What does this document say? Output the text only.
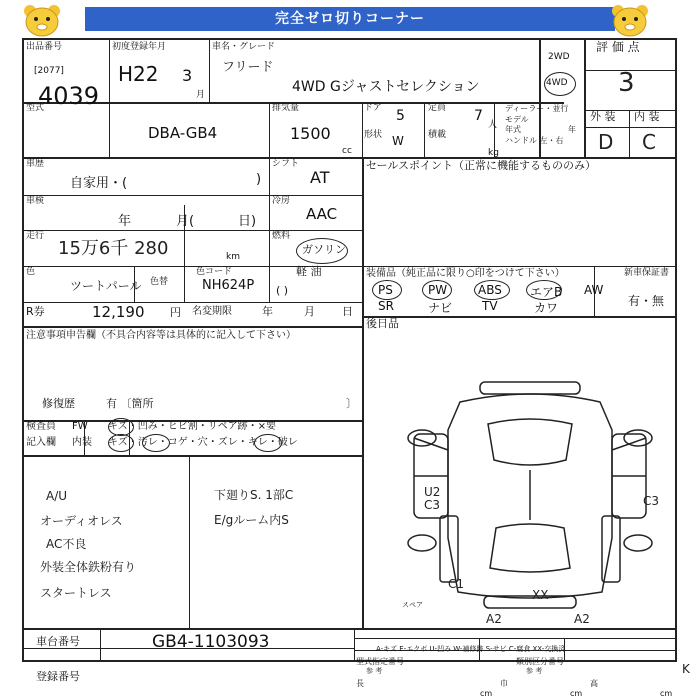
完全ゼロ切りコーナー
出品番号
[2077]
4039
初度登録年月
H22 3
月
車名・グレード
フリード
4WD Gジャストセレクション
2WD
4WD
評 価 点
3
外 装 内 装
D C
型式
DBA-GB4
排気量
1500
cc
ドア 5
形状 W
定員 7
人
積載
kg
ディーラー・並行
モデル
年式	年
ハンドル 左・右
車歴
自家用・(	)
シフト
AT
車検
年	月(	日)
冷房
AAC
走行
15万6千 280	km
燃料
ガソリン
軽 油
( )
色
ツートパール 色替
色コード
NH624P
R券	12,190 円 名変期限	年	月 日
注意事項申告欄（不具合内容等は具体的に記入して下さい）
修復歴	有 〔箇所	〕
検査員
記入欄
FW
内装
キズ・凹み・ヒビ割・リペア跡・×要
キズ・汚レ・コゲ・穴・ズレ・キレ・破レ
A/U
オーディオレス
AC不良
外装全体鉄粉有り
スタートレス
下廻りS. 1部C
E/gルーム内S
セールスポイント（正常に機能するもののみ）
装備品（純正品に限り○印をつけて下さい）	新車保証書
有・無
PS	PW	ABS エアB AW
SR	ナビ TV	カワ
後日品
U2
C3	C3
C1
A2	A2
XX
スペア
車台番号	GB4-1103093
登録番号
A-キズ E-エクボ U-凹み W-補修跡 S-サビ C-腐食 XX-交換済
型式指定番号
参 考
類別区分番号
参 考
長
cm
巾
cm
高
cm
K
